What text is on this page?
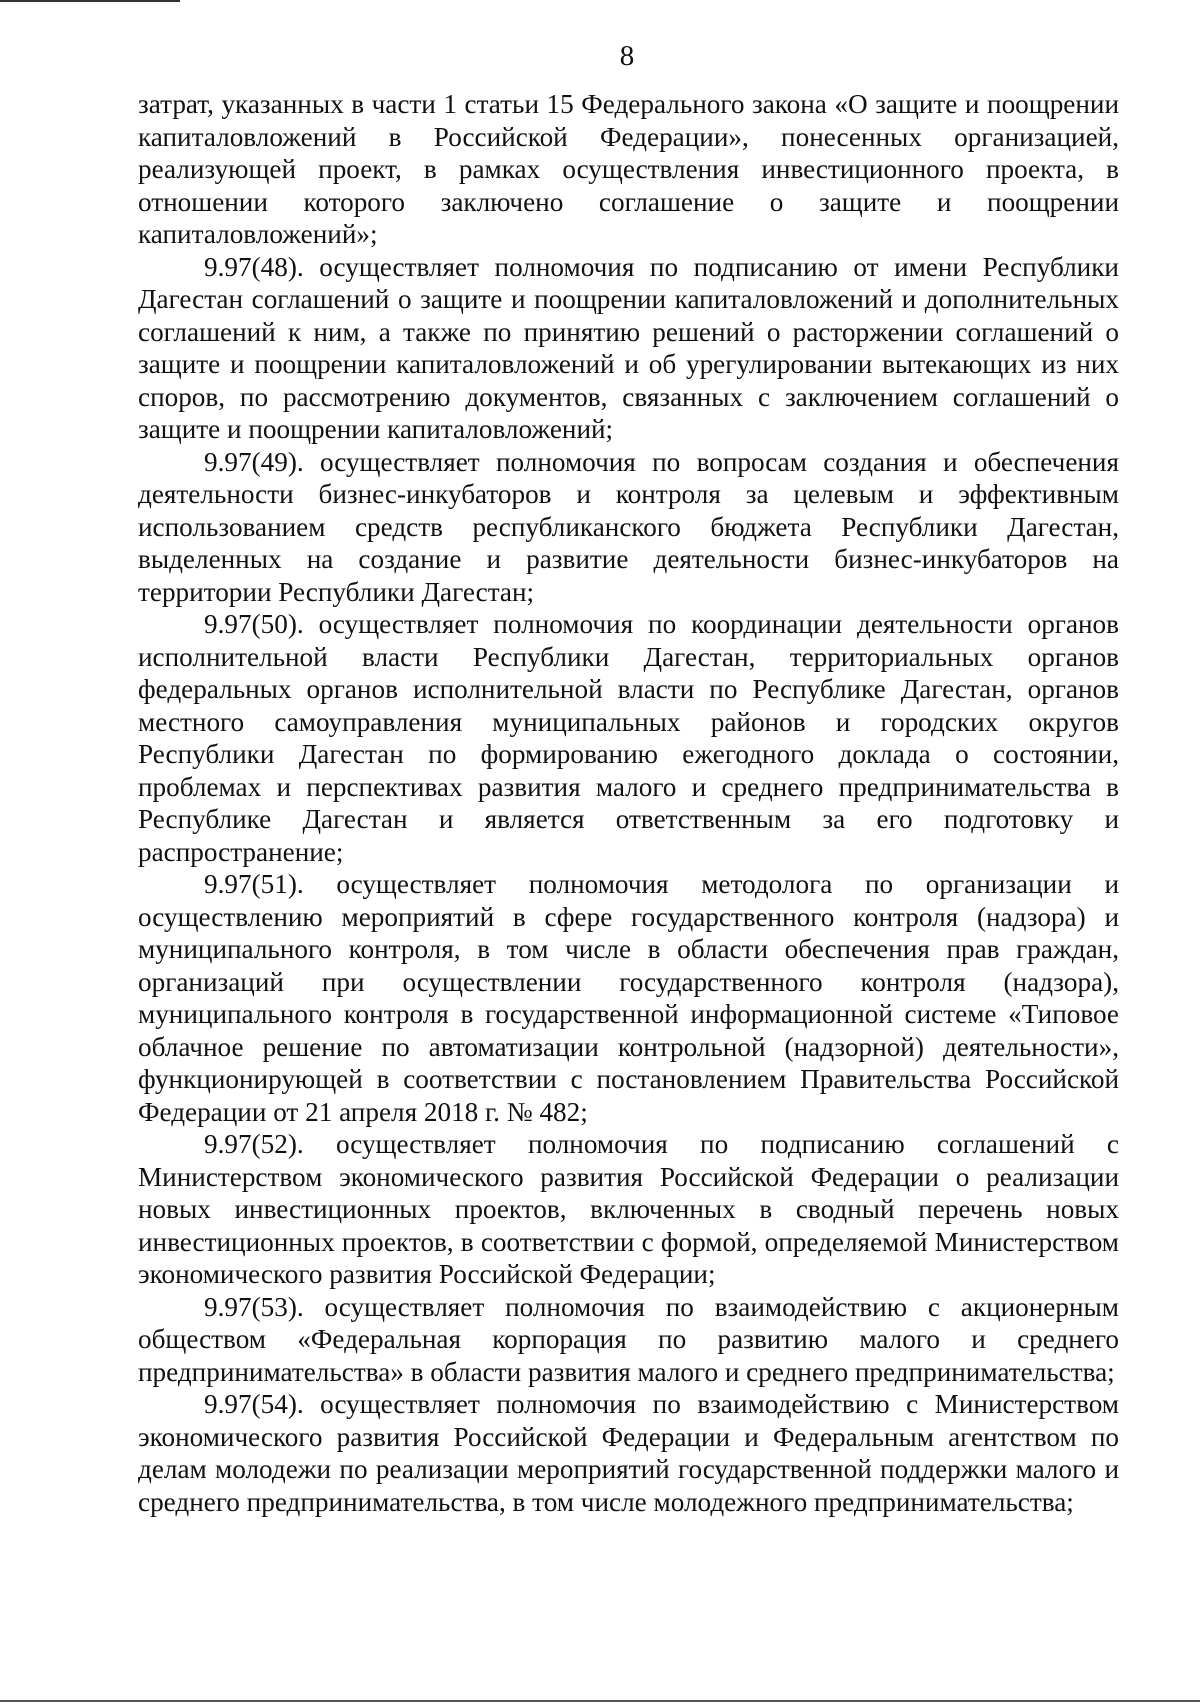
8

затрат, указанных в части 1 статьи 15 Федерального закона «О защите и поощрении капиталовложений в Российской Федерации», понесенных организацией, реализующей проект, в рамках осуществления инвестиционного проекта, в отношении которого заключено соглашение о защите и поощрении капиталовложений»;

9.97(48). осуществляет полномочия по подписанию от имени Республики Дагестан соглашений о защите и поощрении капиталовложений и дополнительных соглашений к ним, а также по принятию решений о расторжении соглашений о защите и поощрении капиталовложений и об урегулировании вытекающих из них споров, по рассмотрению документов, связанных с заключением соглашений о защите и поощрении капиталовложений;

9.97(49). осуществляет полномочия по вопросам создания и обеспечения деятельности бизнес-инкубаторов и контроля за целевым и эффективным использованием средств республиканского бюджета Республики Дагестан, выделенных на создание и развитие деятельности бизнес-инкубаторов на территории Республики Дагестан;

9.97(50). осуществляет полномочия по координации деятельности органов исполнительной власти Республики Дагестан, территориальных органов федеральных органов исполнительной власти по Республике Дагестан, органов местного самоуправления муниципальных районов и городских округов Республики Дагестан по формированию ежегодного доклада о состоянии, проблемах и перспективах развития малого и среднего предпринимательства в Республике Дагестан и является ответственным за его подготовку и распространение;

9.97(51). осуществляет полномочия методолога по организации и осуществлению мероприятий в сфере государственного контроля (надзора) и муниципального контроля, в том числе в области обеспечения прав граждан, организаций при осуществлении государственного контроля (надзора), муниципального контроля в государственной информационной системе «Типовое облачное решение по автоматизации контрольной (надзорной) деятельности», функционирующей в соответствии с постановлением Правительства Российской Федерации от 21 апреля 2018 г. № 482;

9.97(52). осуществляет полномочия по подписанию соглашений с Министерством экономического развития Российской Федерации о реализации новых инвестиционных проектов, включенных в сводный перечень новых инвестиционных проектов, в соответствии с формой, определяемой Министерством экономического развития Российской Федерации;

9.97(53). осуществляет полномочия по взаимодействию с акционерным обществом «Федеральная корпорация по развитию малого и среднего предпринимательства» в области развития малого и среднего предпринимательства;

9.97(54). осуществляет полномочия по взаимодействию с Министерством экономического развития Российской Федерации и Федеральным агентством по делам молодежи по реализации мероприятий государственной поддержки малого и среднего предпринимательства, в том числе молодежного предпринимательства;
